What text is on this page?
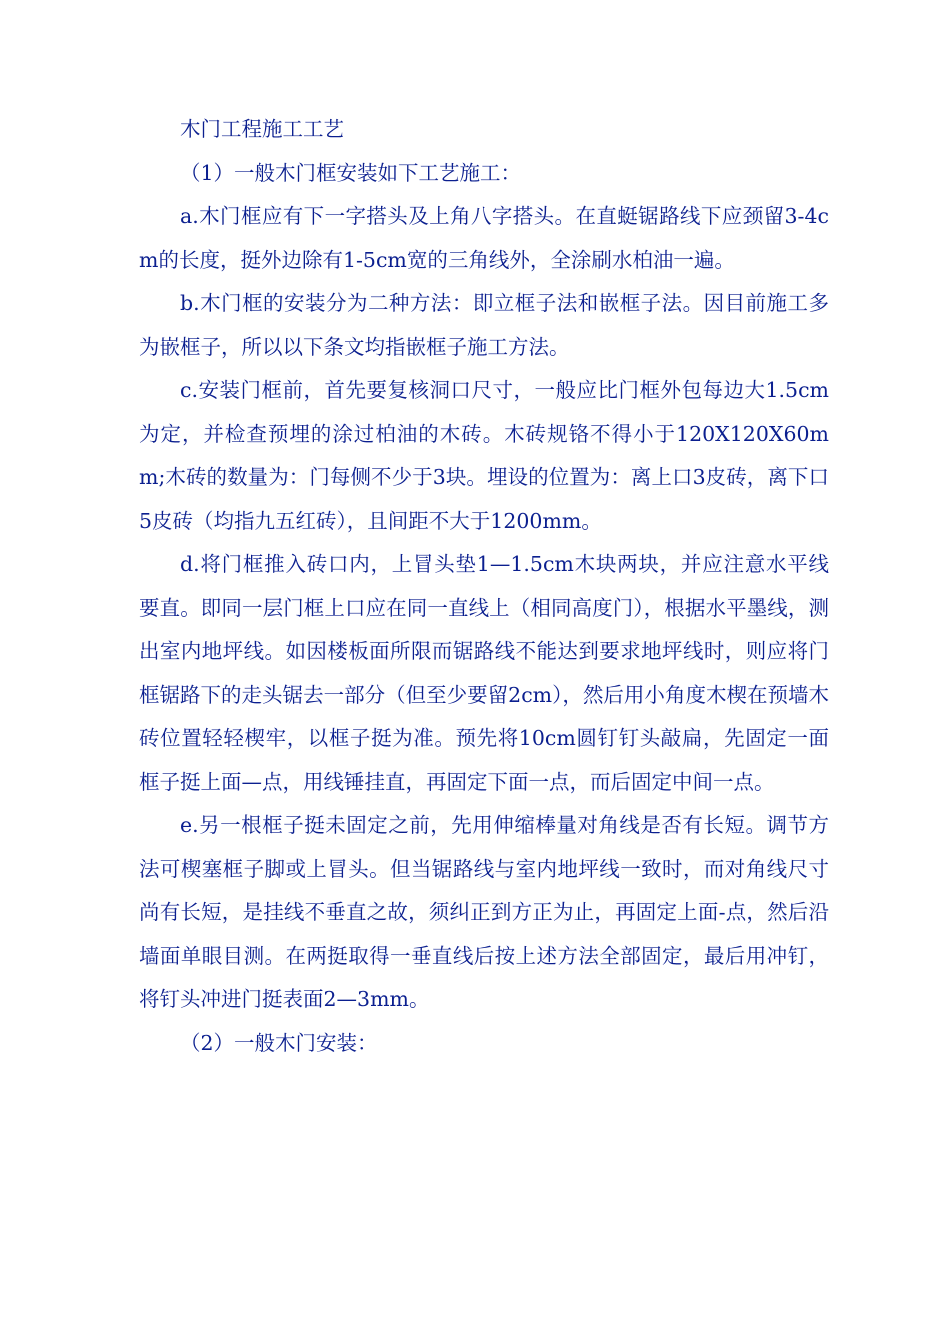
木门工程施工工艺

（1）一般木门框安装如下工艺施工：

a.木门框应有下一字搭头及上角八字搭头。在直蜓锯路线下应颈留3-4cm的长度，挺外边除有1-5cm宽的三角线外，全涂刷水柏油一遍。

b.木门框的安装分为二种方法：即立框子法和嵌框子法。因目前施工多为嵌框子，所以以下条文均指嵌框子施工方法。

c.安装门框前，首先要复核洞口尺寸，一般应比门框外包每边大1.5cm为定，并检查预埋的涂过柏油的木砖。木砖规铬不得小于120X120X60mm;木砖的数量为：门每侧不少于3块。埋设的位置为：离上口3皮砖，离下口5皮砖（均指九五红砖），且间距不大于1200mm。

d.将门框推入砖口内，上冒头垫1—1.5cm木块两块，并应注意水平线要直。即同一层门框上口应在同一直线上（相同高度门），根据水平墨线，测出室内地坪线。如因楼板面所限而锯路线不能达到要求地坪线时，则应将门框锯路下的走头锯去一部分（但至少要留2cm），然后用小角度木楔在预墙木砖位置轻轻楔牢，以框子挺为准。预先将10cm圆钉钉头敲扁，先固定一面框子挺上面—点，用线锤挂直，再固定下面一点，而后固定中间一点。

e.另一根框子挺未固定之前，先用伸缩棒量对角线是否有长短。调节方法可楔塞框子脚或上冒头。但当锯路线与室内地坪线一致时，而对角线尺寸尚有长短，是挂线不垂直之故，须纠正到方正为止，再固定上面-点，然后沿墙面单眼目测。在两挺取得一垂直线后按上述方法全部固定，最后用冲钉，将钉头冲进门挺表面2—3mm。

（2）一般木门安装：
